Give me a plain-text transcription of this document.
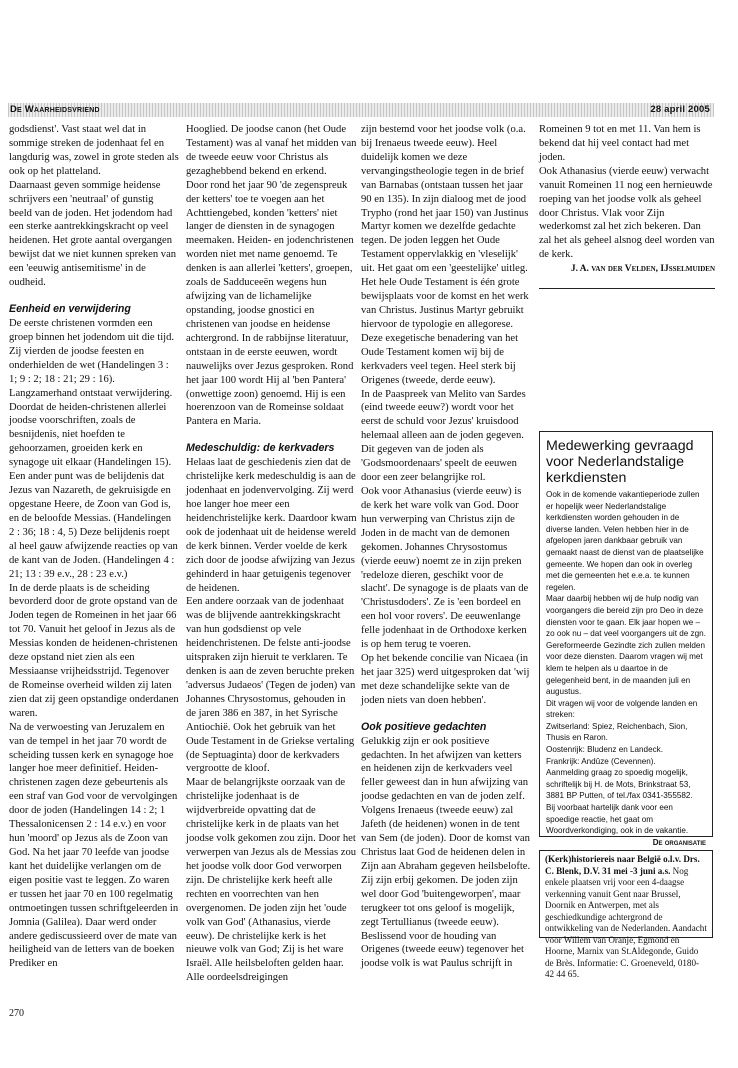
De Waarheidsvriend	28 april 2005

godsdienst'. Vast staat wel dat in sommige streken de jodenhaat fel en langdurig was, zowel in grote steden als ook op het platteland.

Daarnaast geven sommige heidense schrijvers een 'neutraal' of gunstig beeld van de joden. Het jodendom had een sterke aantrekkingskracht op veel heidenen. Het grote aantal overgangen bewijst dat we niet kunnen spreken van een 'eeuwig antisemitisme' in de oudheid.

Eenheid en verwijdering

De eerste christenen vormden een groep binnen het jodendom uit die tijd. Zij vierden de joodse feesten en onderhielden de wet (Handelingen 3 : 1; 9 : 2; 18 : 21; 29 : 16). Langzamerhand ontstaat verwijdering. Doordat de heiden-christenen allerlei joodse voorschriften, zoals de besnijdenis, niet hoefden te gehoorzamen, groeiden kerk en synagoge uit elkaar (Handelingen 15).

Een ander punt was de belijdenis dat Jezus van Nazareth, de gekruisigde en opgestane Heere, de Zoon van God is, en de beloofde Messias. (Handelingen 2 : 36; 18 : 4, 5) Deze belijdenis roept al heel gauw afwijzende reacties op van de kant van de Joden. (Handelingen 4 : 21; 13 : 39 e.v., 28 : 23 e.v.)

In de derde plaats is de scheiding bevorderd door de grote opstand van de Joden tegen de Romeinen in het jaar 66 tot 70. Vanuit het geloof in Jezus als de Messias konden de heidenen-christenen deze opstand niet zien als een Messiaanse vrijheidsstrijd. Tegenover de Romeinse overheid wilden zij laten zien dat zij geen opstandige onderdanen waren.

Na de verwoesting van Jeruzalem en van de tempel in het jaar 70 wordt de scheiding tussen kerk en synagoge hoe langer hoe meer definitief. Heiden-christenen zagen deze gebeurtenis als een straf van God voor de vervolgingen door de joden (Handelingen 14 : 2; 1 Thessalonicensen 2 : 14 e.v.) en voor hun 'moord' op Jezus als de Zoon van God. Na het jaar 70 leefde van joodse kant het duidelijke verlangen om de eigen positie vast te leggen. Zo waren er tussen het jaar 70 en 100 regelmatig ontmoetingen tussen schriftgeleerden in Jomnia (Galilea). Daar werd onder andere gediscussieerd over de mate van heiligheid van de letters van de boeken Prediker en

Hooglied. De joodse canon (het Oude Testament) was al vanaf het midden van de tweede eeuw voor Christus als gezaghebbend bekend en erkend.

Door rond het jaar 90 'de zegenspreuk der ketters' toe te voegen aan het Achttiengebed, konden 'ketters' niet langer de diensten in de synagogen meemaken. Heiden- en jodenchristenen worden niet met name genoemd. Te denken is aan allerlei 'ketters', groepen, zoals de Sadduceeën wegens hun afwijzing van de lichamelijke opstanding, joodse gnostici en christenen van joodse en heidense achtergrond. In de rabbijnse literatuur, ontstaan in de eerste eeuwen, wordt nauwelijks over Jezus gesproken. Rond het jaar 100 wordt Hij al 'ben Pantera' (onwettige zoon) genoemd. Hij is een hoerenzoon van de Romeinse soldaat Pantera en Maria.

Medeschuldig: de kerkvaders

Helaas laat de geschiedenis zien dat de christelijke kerk medeschuldig is aan de jodenhaat en jodenvervolging. Zij werd hoe langer hoe meer een heidenchristelijke kerk. Daardoor kwam ook de jodenhaat uit de heidense wereld de kerk binnen. Verder voelde de kerk zich door de joodse afwijzing van Jezus gehinderd in haar getuigenis tegenover de heidenen.

Een andere oorzaak van de jodenhaat was de blijvende aantrekkingskracht van hun godsdienst op vele heidenchristenen. De felste anti-joodse uitspraken zijn hieruit te verklaren. Te denken is aan de zeven beruchte preken 'adversus Judaeos' (Tegen de joden) van Johannes Chrysostomus, gehouden in de jaren 386 en 387, in het Syrische Antiochië. Ook het gebruik van het Oude Testament in de Griekse vertaling (de Septuaginta) door de kerkvaders vergrootte de kloof.

Maar de belangrijkste oorzaak van de christelijke jodenhaat is de wijdverbreide opvatting dat de christelijke kerk in de plaats van het joodse volk gekomen zou zijn. Door het verwerpen van Jezus als de Messias zou het joodse volk door God verworpen zijn. De christelijke kerk heeft alle rechten en voorrechten van hen overgenomen. De joden zijn het 'oude volk van God' (Athanasius, vierde eeuw). De christelijke kerk is het nieuwe volk van God; Zij is het ware Israël. Alle heilsbeloften gelden haar. Alle oordeelsdreigingen

zijn bestemd voor het joodse volk (o.a. bij Irenaeus tweede eeuw). Heel duidelijk komen we deze vervangingstheologie tegen in de brief van Barnabas (ontstaan tussen het jaar 90 en 135). In zijn dialoog met de jood Trypho (rond het jaar 150) van Justinus Martyr komen we dezelfde gedachte tegen. De joden leggen het Oude Testament oppervlakkig en 'vleselijk' uit. Het gaat om een 'geestelijke' uitleg. Het hele Oude Testament is één grote bewijsplaats voor de komst en het werk van Christus. Justinus Martyr gebruikt hiervoor de typologie en allegorese. Deze exegetische benadering van het Oude Testament komen wij bij de kerkvaders veel tegen. Heel sterk bij Origenes (tweede, derde eeuw).

In de Paaspreek van Melito van Sardes (eind tweede eeuw?) wordt voor het eerst de schuld voor Jezus' kruisdood helemaal alleen aan de joden gegeven. Dit gegeven van de joden als 'Godsmoordenaars' speelt de eeuwen door een zeer belangrijke rol.

Ook voor Athanasius (vierde eeuw) is de kerk het ware volk van God. Door hun verwerping van Christus zijn de Joden in de macht van de demonen gekomen. Johannes Chrysostomus (vierde eeuw) noemt ze in zijn preken 'redeloze dieren, geschikt voor de slacht'. De synagoge is de plaats van de 'Christusdoders'. Ze is 'een bordeel en een hol voor rovers'. De eeuwenlange felle jodenhaat in de Orthodoxe kerken is op hem terug te voeren.

Op het bekende concilie van Nicaea (in het jaar 325) werd uitgesproken dat 'wij met deze schandelijke sekte van de joden niets van doen hebben'.

Ook positieve gedachten

Gelukkig zijn er ook positieve gedachten. In het afwijzen van ketters en heidenen zijn de kerkvaders veel feller geweest dan in hun afwijzing van joodse gedachten en van de joden zelf. Volgens Irenaeus (tweede eeuw) zal Jafeth (de heidenen) wonen in de tent van Sem (de joden). Door de komst van Christus laat God de heidenen delen in Zijn aan Abraham gegeven heilsbelofte. Zij zijn erbij gekomen. De joden zijn wel door God 'buitengeworpen', maar terugkeer tot ons geloof is mogelijk, zegt Tertullianus (tweede eeuw). Beslissend voor de houding van Origenes (tweede eeuw) tegenover het joodse volk is wat Paulus schrijft in

Romeinen 9 tot en met 11. Van hem is bekend dat hij veel contact had met joden.

Ook Athanasius (vierde eeuw) verwacht vanuit Romeinen 11 nog een hernieuwde roeping van het joodse volk als geheel door Christus. Vlak voor Zijn wederkomst zal het zich bekeren. Dan zal het als geheel alsnog deel worden van de kerk.

J. A. van der Velden, IJsselmuiden
Medewerking gevraagd voor Nederlandstalige kerkdiensten

Ook in de komende vakantieperiode zullen er hopelijk weer Nederlandstalige kerkdiensten worden gehouden in de diverse landen. Velen hebben hier in de afgelopen jaren dankbaar gebruik van gemaakt naast de dienst van de plaatselijke gemeente. We hopen dan ook in overleg met die gemeenten het e.e.a. te kunnen regelen.

Maar daarbij hebben wij de hulp nodig van voorgangers die bereid zijn pro Deo in deze diensten voor te gaan. Elk jaar hopen we – zo ook nu – dat veel voorgangers uit de zgn. Gereformeerde Gezindte zich zullen melden voor deze diensten. Daarom vragen wij met klem te helpen als u daartoe in de gelegenheid bent, in de maanden juli en augustus.

Dit vragen wij voor de volgende landen en streken:

Zwitserland: Spiez, Reichenbach, Sion, Thusis en Raron.

Oostenrijk: Bludenz en Landeck.

Frankrijk: Andûze (Cevennen).

Aanmelding graag zo spoedig mogelijk, schriftelijk bij H. de Mots, Brinkstraat 53, 3881 BP Putten, of tel./fax 0341-355582.

Bij voorbaat hartelijk dank voor een spoedige reactie, het gaat om Woordverkondiging, ook in de vakantie.

De organisatie

(Kerk)historiereis naar België o.l.v. Drs. C. Blenk, D.V. 31 mei -3 juni a.s. Nog enkele plaatsen vrij voor een 4-daagse verkenning vanuit Gent naar Brussel, Doornik en Antwerpen, met als geschiedkundige achtergrond de ontwikkeling van de Nederlanden. Aandacht voor Willem van Oranje, Egmond en Hoorne, Marnix van St.Aldegonde, Guido de Brès. Informatie: C. Groeneveld, 0180-42 44 65.
270
